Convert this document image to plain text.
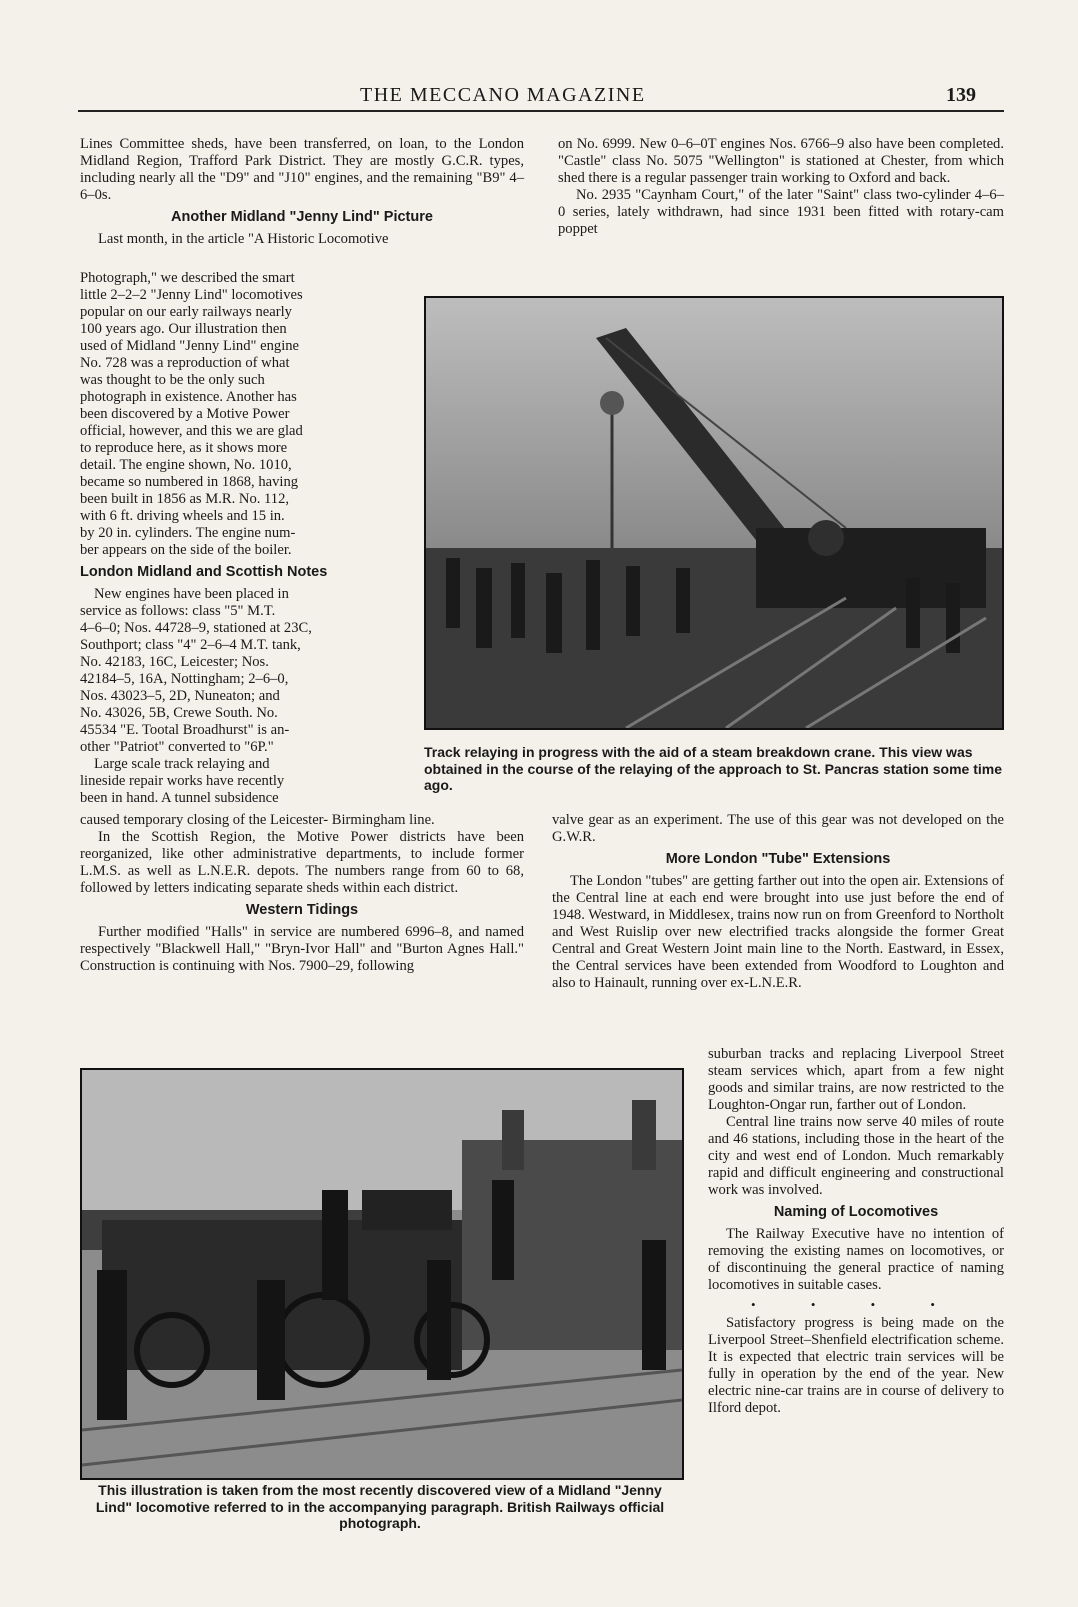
THE MECCANO MAGAZINE	139

Lines Committee sheds, have been transferred, on loan, to the London Midland Region, Trafford Park District. They are mostly G.C.R. types, including nearly all the "D9" and "J10" engines, and the remaining "B9" 4–6–0s.

Another Midland "Jenny Lind" Picture

Last month, in the article "A Historic Locomotive

Photograph," we described the smart
little 2–2–2 "Jenny Lind" locomotives
popular on our early railways nearly
100 years ago. Our illustration then
used of Midland "Jenny Lind" engine
No. 728 was a reproduction of what
was thought to be the only such
photograph in existence. Another has
been discovered by a Motive Power
official, however, and this we are glad
to reproduce here, as it shows more
detail. The engine shown, No. 1010,
became so numbered in 1868, having
been built in 1856 as M.R. No. 112,
with 6 ft. driving wheels and 15 in.
by 20 in. cylinders. The engine num-
ber appears on the side of the boiler.
London Midland and Scottish Notes
New engines have been placed in
service as follows: class "5" M.T.
4–6–0; Nos. 44728–9, stationed at 23C,
Southport; class "4" 2–6–4 M.T. tank,
No. 42183, 16C, Leicester; Nos.
42184–5, 16A, Nottingham; 2–6–0,
Nos. 43023–5, 2D, Nuneaton; and
No. 43026, 5B, Crewe South. No.
45534 "E. Tootal Broadhurst" is an-
other "Patriot" converted to "6P."
Large scale track relaying and
lineside repair works have recently
been in hand. A tunnel subsidence

caused temporary closing of the Leicester- Birmingham line.

In the Scottish Region, the Motive Power districts have been reorganized, like other administrative departments, to include former L.M.S. as well as L.N.E.R. depots. The numbers range from 60 to 68, followed by letters indicating separate sheds within each district.

Western Tidings

Further modified "Halls" in service are numbered 6996–8, and named respectively "Blackwell Hall," "Bryn-Ivor Hall" and "Burton Agnes Hall." Construction is continuing with Nos. 7900–29, following

on No. 6999. New 0–6–0T engines Nos. 6766–9 also have been completed. "Castle" class No. 5075 "Wellington" is stationed at Chester, from which shed there is a regular passenger train working to Oxford and back.

No. 2935 "Caynham Court," of the later "Saint" class two-cylinder 4–6–0 series, lately withdrawn, had since 1931 been fitted with rotary-cam poppet

Track relaying in progress with the aid of a steam breakdown crane. This view was obtained in the course of the relaying of the approach to St. Pancras station some time ago.

valve gear as an experiment. The use of this gear was not developed on the G.W.R.

More London "Tube" Extensions

The London "tubes" are getting farther out into the open air. Extensions of the Central line at each end were brought into use just before the end of 1948. Westward, in Middlesex, trains now run on from Greenford to Northolt and West Ruislip over new electrified tracks alongside the former Great Central and Great Western Joint main line to the North. Eastward, in Essex, the Central services have been extended from Woodford to Loughton and also to Hainault, running over ex-L.N.E.R.

suburban tracks and replacing Liverpool Street steam services which, apart from a few night goods and similar trains, are now restricted to the Loughton-Ongar run, farther out of London.

Central line trains now serve 40 miles of route and 46 stations, including those in the heart of the city and west end of London. Much remarkably rapid and difficult engineering and constructional work was involved.

Naming of Locomotives

The Railway Executive have no intention of removing the existing names on locomotives, or of discontinuing the general practice of naming locomotives in suitable cases.

• • • •

Satisfactory progress is being made on the Liverpool Street–Shenfield electrification scheme. It is expected that electric train services will be fully in operation by the end of the year. New electric nine-car trains are in course of delivery to Ilford depot.

This illustration is taken from the most recently discovered view of a Midland "Jenny Lind" locomotive referred to in the accompanying paragraph. British Railways official photograph.
